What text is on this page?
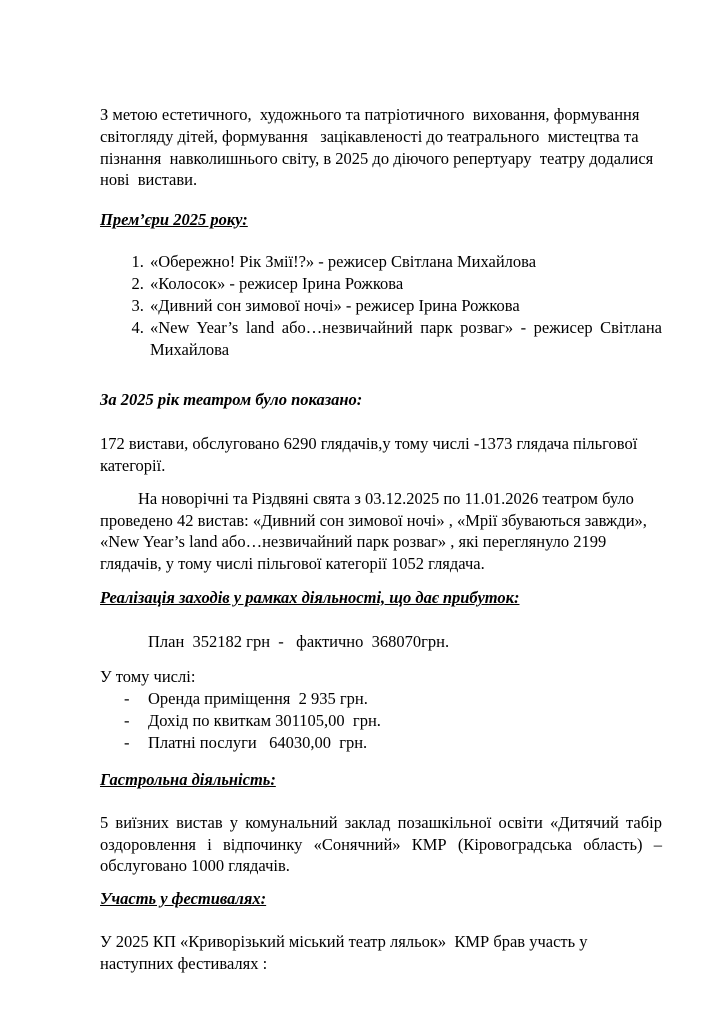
З метою естетичного,  художнього та патріотичного  виховання, формування світогляду дітей, формування   зацікавленості до театрального  мистецтва та пізнання  навколишнього світу, в 2025 до діючого репертуару  театру додалися нові  вистави.

Прем’єри 2025 року:
1. «Обережно! Рік Змії!?» - режисер Світлана Михайлова
2. «Колосок» - режисер Ірина Рожкова
3. «Дивний сон зимової ночі» - режисер Ірина Рожкова
4. «New Year’s land або…незвичайний парк розваг» - режисер Світлана Михайлова
За 2025 рік театром було показано:

172 вистави, обслуговано 6290 глядачів,у тому числі -1373 глядача пільгової категорії.

На новорічні та Різдвяні свята з 03.12.2025 по 11.01.2026 театром було проведено 42 вистав: «Дивний сон зимової ночі» , «Мрії збуваються завжди», «New Year’s land або…незвичайний парк розваг» , які переглянуло 2199 глядачів, у тому числі пільгової категорії 1052 глядача.

Реалізація заходів у рамках діяльності, що дає прибуток:

План  352182 грн  -   фактично  368070грн.

У тому числі:

- Оренда приміщення  2 935 грн.
- Дохід по квиткам 301105,00  грн.
- Платні послуги   64030,00  грн.
Гастрольна діяльність:

5 виїзних вистав у комунальний заклад позашкільної освіти «Дитячий табір оздоровлення і відпочинку «Сонячний» КМР (Кіровоградська область) – обслуговано 1000 глядачів.

Участь у фестивалях:

У 2025 КП «Криворізький міський театр ляльок»  КМР брав участь у наступних фестивалях :
